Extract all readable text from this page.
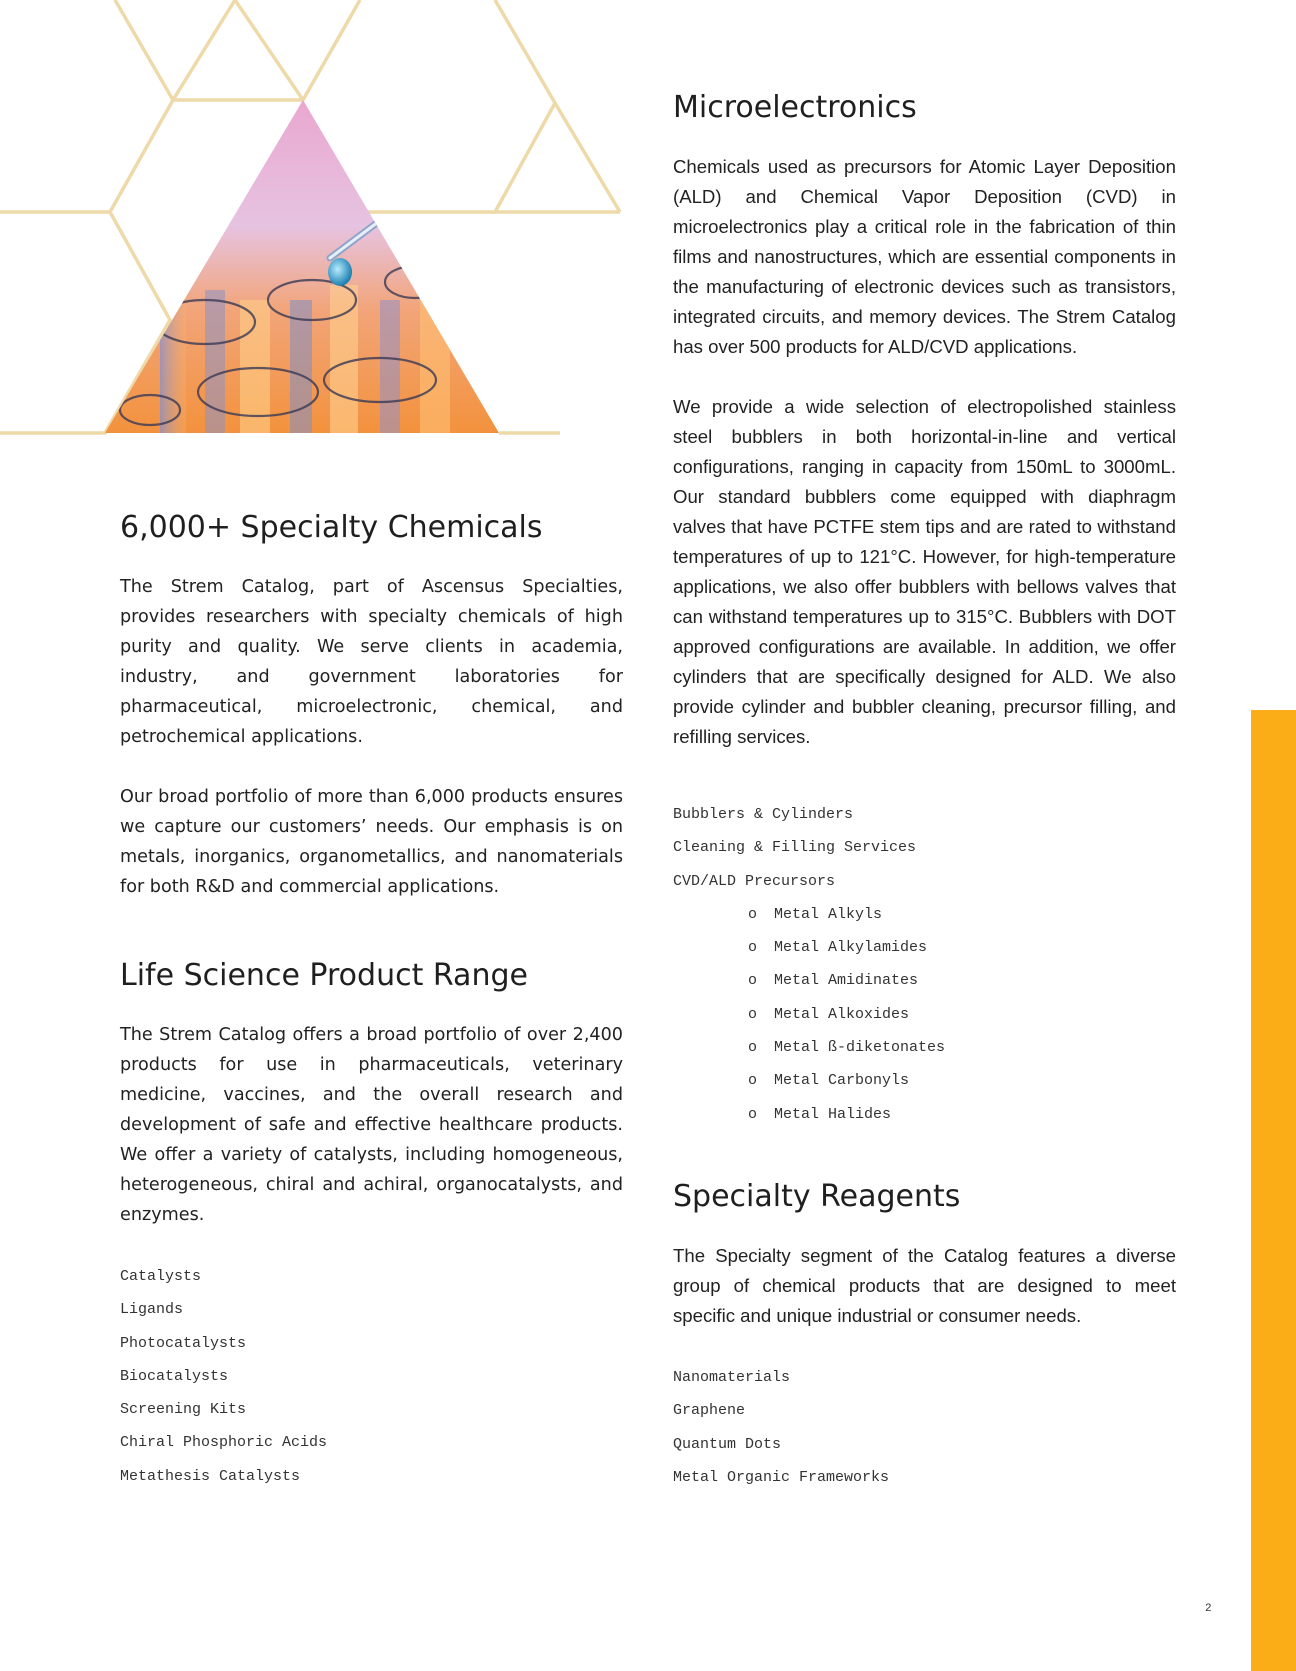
6,000+ Specialty Chemicals

The Strem Catalog, part of Ascensus Specialties, provides researchers with specialty chemicals of high purity and quality. We serve clients in academia, industry, and government laboratories for pharmaceutical, microelectronic, chemical, and petrochemical applications.

Our broad portfolio of more than 6,000 products ensures we capture our customers’ needs. Our emphasis is on metals, inorganics, organometallics, and nanomaterials for both R&D and commercial applications.

Life Science Product Range

The Strem Catalog offers a broad portfolio of over 2,400 products for use in pharmaceuticals, veterinary medicine, vaccines, and the overall research and development of safe and effective healthcare products. We offer a variety of catalysts, including homogeneous, heterogeneous, chiral and achiral, organocatalysts, and enzymes.

Catalysts
Ligands
Photocatalysts
Biocatalysts
Screening Kits
Chiral Phosphoric Acids
Metathesis Catalysts
Microelectronics

Chemicals used as precursors for Atomic Layer Deposition (ALD) and Chemical Vapor Deposition (CVD) in microelectronics play a critical role in the fabrication of thin films and nanostructures, which are essential components in the manufacturing of electronic devices such as transistors, integrated circuits, and memory devices. The Strem Catalog has over 500 products for ALD/CVD applications.

We provide a wide selection of electropolished stainless steel bubblers in both horizontal-in-line and vertical configurations, ranging in capacity from 150mL to 3000mL. Our standard bubblers come equipped with diaphragm valves that have PCTFE stem tips and are rated to withstand temperatures of up to 121°C. However, for high-temperature applications, we also offer bubblers with bellows valves that can withstand temperatures up to 315°C. Bubblers with DOT approved configurations are available. In addition, we offer cylinders that are specifically designed for ALD. We also provide cylinder and bubbler cleaning, precursor filling, and refilling services.

Bubblers & Cylinders
Cleaning & Filling Services
CVD/ALD Precursors
o Metal Alkyls
o Metal Alkylamides
o Metal Amidinates
o Metal Alkoxides
o Metal ß-diketonates
o Metal Carbonyls
o Metal Halides
Specialty Reagents

The Specialty segment of the Catalog features a diverse group of chemical products that are designed to meet specific and unique industrial or consumer needs.

Nanomaterials
Graphene
Quantum Dots
Metal Organic Frameworks
2
